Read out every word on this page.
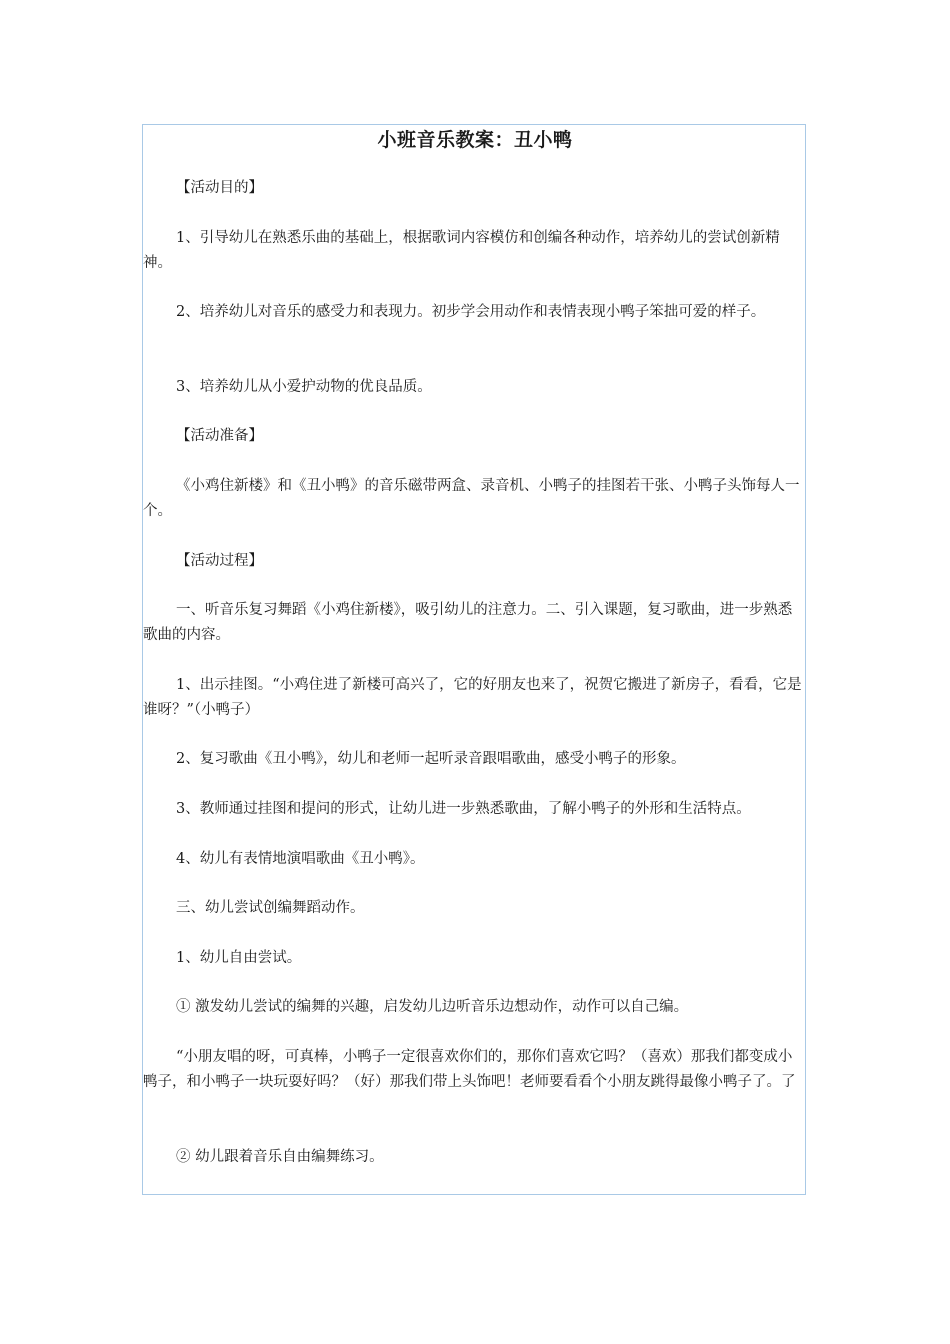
小班音乐教案：丑小鸭
【活动目的】
1、引导幼儿在熟悉乐曲的基础上，根据歌词内容模仿和创编各种动作，培养幼儿的尝试创新精神。
2、培养幼儿对音乐的感受力和表现力。初步学会用动作和表情表现小鸭子笨拙可爱的样子。
3、培养幼儿从小爱护动物的优良品质。
【活动准备】
《小鸡住新楼》和《丑小鸭》的音乐磁带两盒、录音机、小鸭子的挂图若干张、小鸭子头饰每人一个。
【活动过程】
一、听音乐复习舞蹈《小鸡住新楼》，吸引幼儿的注意力。二、引入课题，复习歌曲，进一步熟悉歌曲的内容。
1、出示挂图。“小鸡住进了新楼可高兴了，它的好朋友也来了，祝贺它搬进了新房子，看看，它是谁呀？”（小鸭子）
2、复习歌曲《丑小鸭》，幼儿和老师一起听录音跟唱歌曲，感受小鸭子的形象。
3、教师通过挂图和提问的形式，让幼儿进一步熟悉歌曲，了解小鸭子的外形和生活特点。
4、幼儿有表情地演唱歌曲《丑小鸭》。
三、幼儿尝试创编舞蹈动作。
1、幼儿自由尝试。
① 激发幼儿尝试的编舞的兴趣，启发幼儿边听音乐边想动作，动作可以自己编。
“小朋友唱的呀，可真棒，小鸭子一定很喜欢你们的，那你们喜欢它吗？（喜欢）那我们都变成小鸭子，和小鸭子一块玩耍好吗？（好）那我们带上头饰吧！老师要看看个小朋友跳得最像小鸭子了。了
② 幼儿跟着音乐自由编舞练习。
